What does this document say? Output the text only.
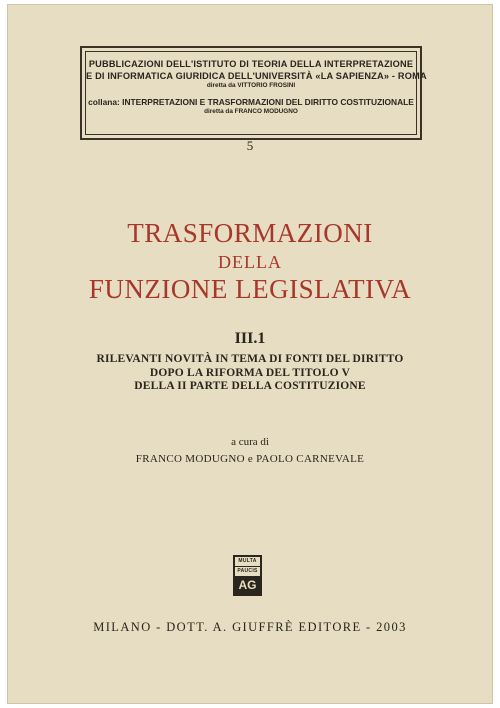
PUBBLICAZIONI DELL'ISTITUTO DI TEORIA DELLA INTERPRETAZIONE
E DI INFORMATICA GIURIDICA DELL'UNIVERSITÀ «LA SAPIENZA» - ROMA
diretta da VITTORIO FROSINI
collana: INTERPRETAZIONI E TRASFORMAZIONI DEL DIRITTO COSTITUZIONALE
diretta da FRANCO MODUGNO
5
TRASFORMAZIONI
DELLA
FUNZIONE LEGISLATIVA
III.1
RILEVANTI NOVITÀ IN TEMA DI FONTI DEL DIRITTO
DOPO LA RIFORMA DEL TITOLO V
DELLA II PARTE DELLA COSTITUZIONE
a cura di
FRANCO MODUGNO e PAOLO CARNEVALE
MULTA
PAUCIS
AG
MILANO - DOTT. A. GIUFFRÈ EDITORE - 2003
